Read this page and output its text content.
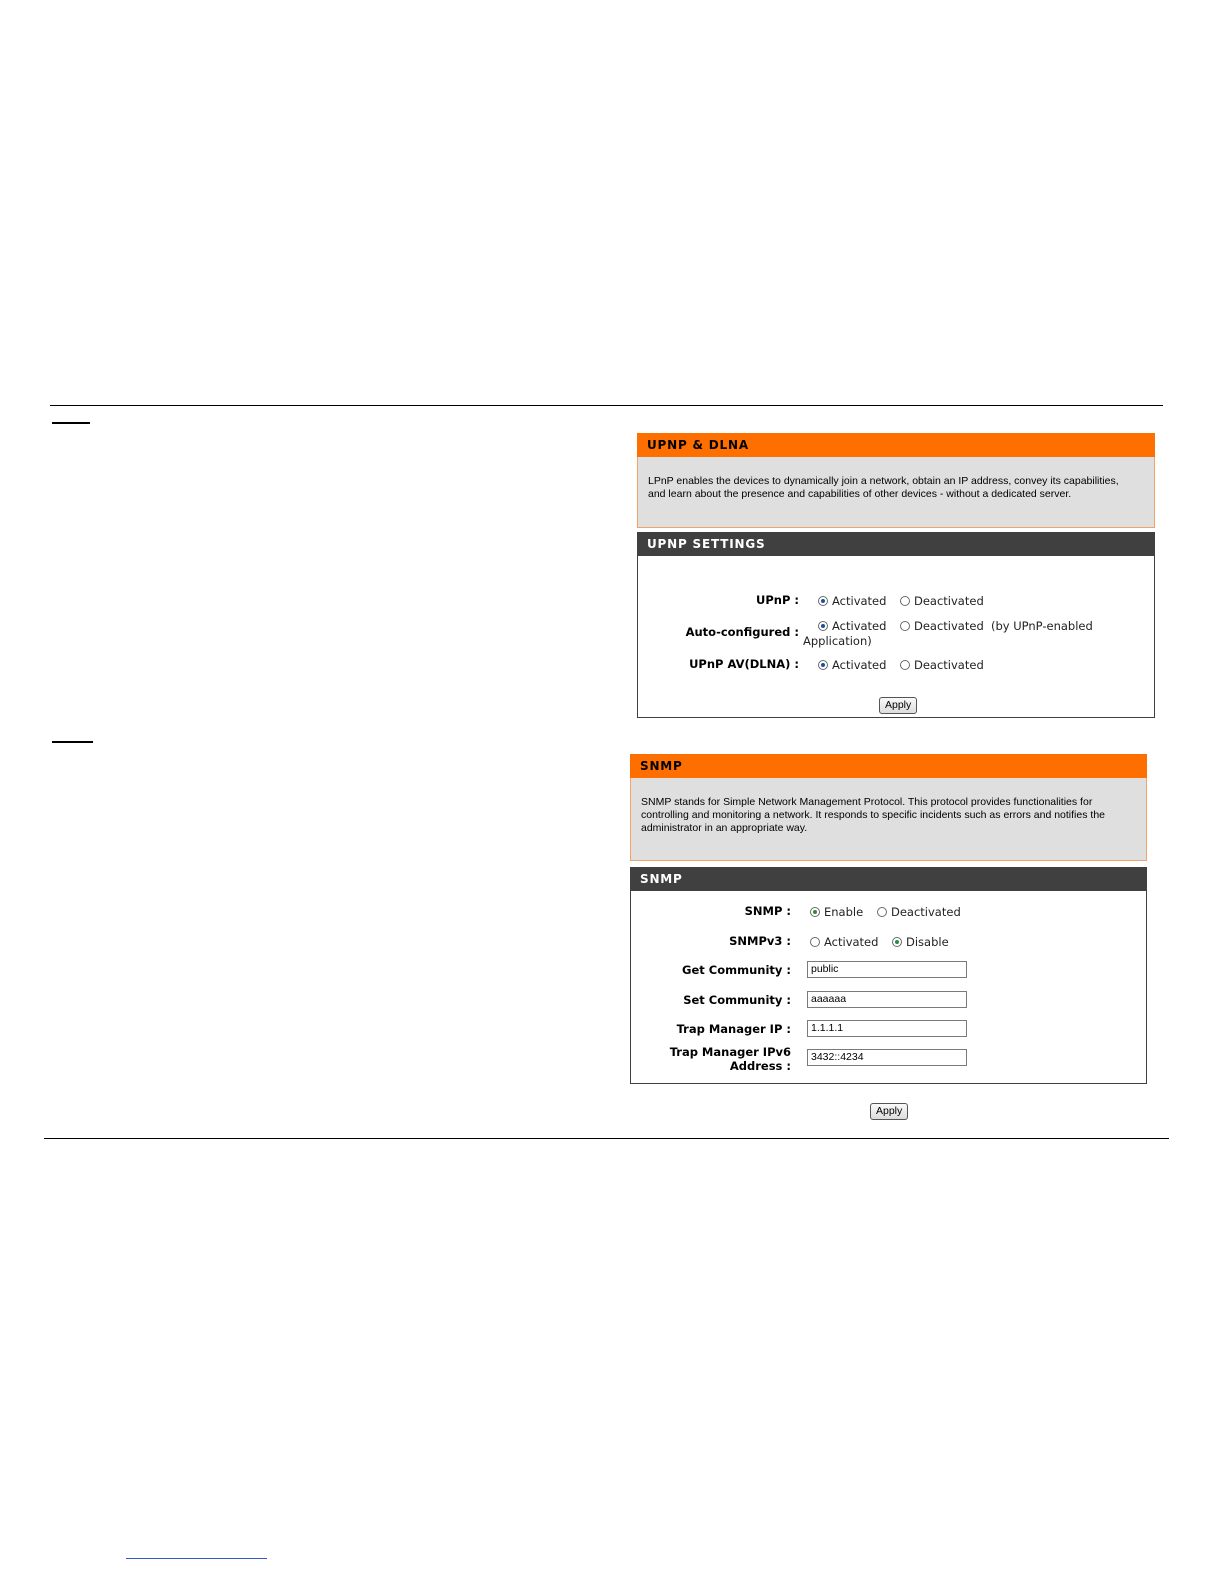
UPNP & DLNA
LPnP enables the devices to dynamically join a network, obtain an IP address, convey its capabilities, and learn about the presence and capabilities of other devices - without a dedicated server.
UPNP SETTINGS
UPnP :	Activated	Deactivated
Auto-configured :	Activated	Deactivated (by UPnP-enabled
Application)
UPnP AV(DLNA) :	Activated	Deactivated
Apply
SNMP
SNMP stands for Simple Network Management Protocol. This protocol provides functionalities for controlling and monitoring a network. It responds to specific incidents such as errors and notifies the administrator in an appropriate way.
SNMP
SNMP :	Enable	Deactivated
SNMPv3 :	Activated	Disable
Get Community :	public
Set Community :	aaaaaa
Trap Manager IP :	1.1.1.1
Trap Manager IPv6
Address :
3432::4234
Apply
